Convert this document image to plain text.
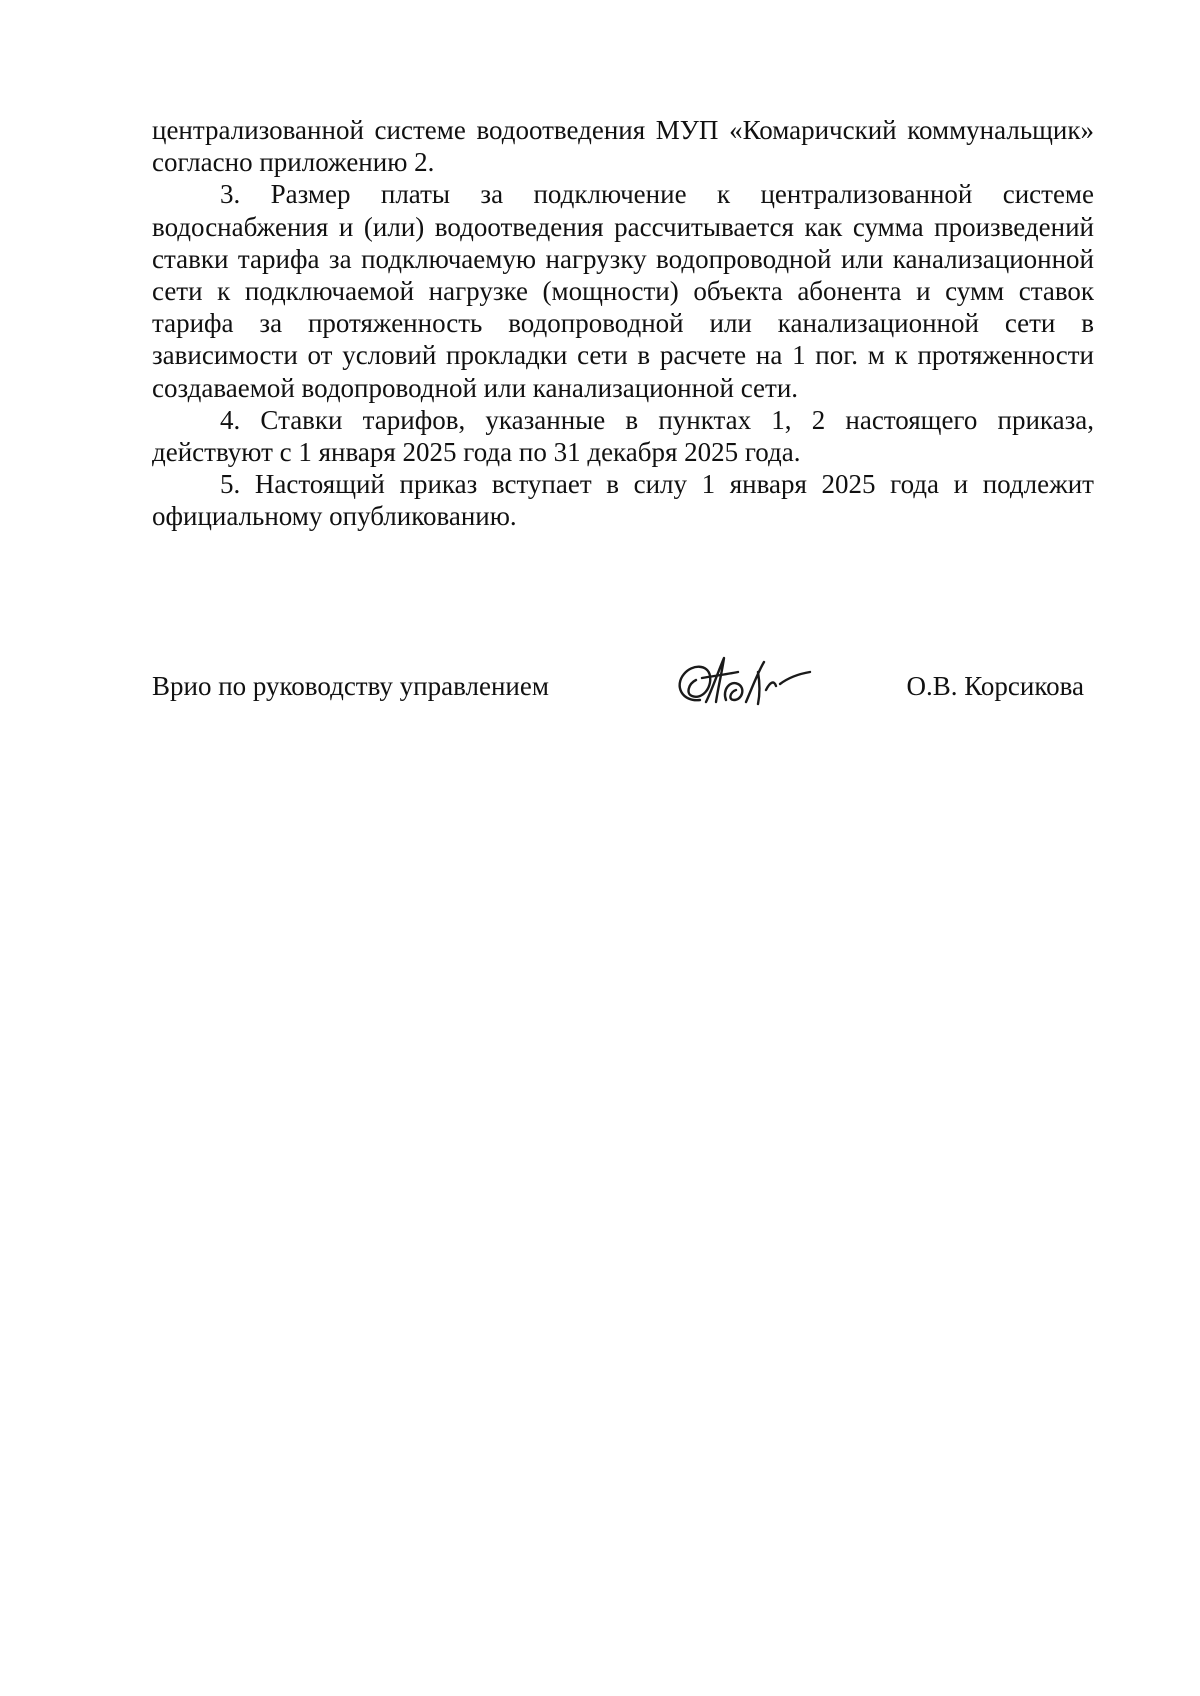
централизованной системе водоотведения МУП «Комаричский коммунальщик» согласно приложению 2.

3. Размер платы за подключение к централизованной системе водоснабжения и (или) водоотведения рассчитывается как сумма произведений ставки тарифа за подключаемую нагрузку водопроводной или канализационной сети к подключаемой нагрузке (мощности) объекта абонента и сумм ставок тарифа за протяженность водопроводной или канализационной сети в зависимости от условий прокладки сети в расчете на 1 пог. м к протяженности создаваемой водопроводной или канализационной сети.

4. Ставки тарифов, указанные в пунктах 1, 2 настоящего приказа, действуют с 1 января 2025 года по 31 декабря 2025 года.

5. Настоящий приказ вступает в силу 1 января 2025 года и подлежит официальному опубликованию.

Врио по руководству управлением	О.В. Корсикова
